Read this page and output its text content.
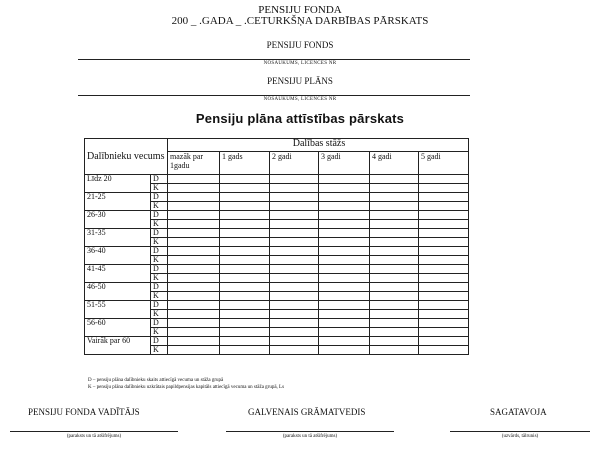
PENSIJU FONDA
200 _ .GADA _ .CETURKŠŅA DARBĪBAS PĀRSKATS
PENSIJU FONDS
NOSAUKUMS, LICENCES NR
PENSIJU PLĀNS
NOSAUKUMS, LICENCES NR
Pensiju plāna attīstības pārskats
Dalībnieku vecums		Dalības stāžs					
		mazāk par 1gadu	1 gads	2 gadi	3 gadi	4 gadi	5 gadi
Līdz 20	D						
	K						
21-25	D						
	K						
26-30	D						
	K						
31-35	D						
	K						
36-40	D						
	K						
41-45	D						
	K						
46-50	D						
	K						
51-55	D						
	K						
56-60	D						
	K						
Vairāk par 60	D						
	K						
D – pensiju plāna dalībnieku skaits attiecīgā vecuma un stāža grupā
K – pensiju plāna dalībnieku uzkrātais papildpensijas kapitāls attiecīgā vecuma un stāža grupā, Ls
PENSIJU FONDA VADĪTĀJS
(paraksts un tā atšifrējums)
GALVENAIS GRĀMATVEDIS
(paraksts un tā atšifrējums)
SAGATAVOJA
(uzvārds, tālrunis)
